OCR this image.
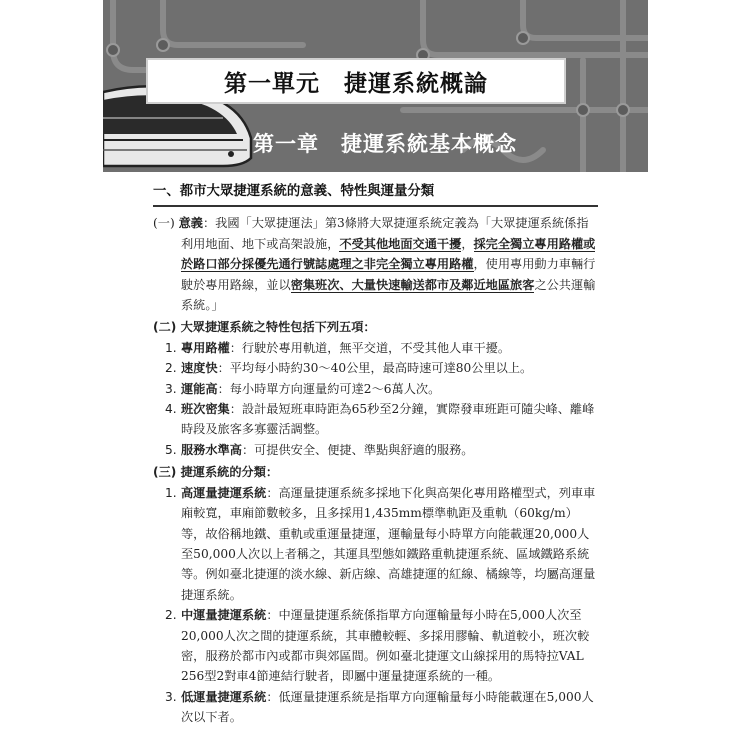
第一單元　捷運系統概論
第一章　捷運系統基本概念
一、都市大眾捷運系統的意義、特性與運量分類
(一) 意義：我國「大眾捷運法」第3條將大眾捷運系統定義為「大眾捷運系統係指利用地面、地下或高架設施，不受其他地面交通干擾，採完全獨立專用路權或於路口部分採優先通行號誌處理之非完全獨立專用路權，使用專用動力車輛行駛於專用路線，並以密集班次、大量快速輸送都市及鄰近地區旅客之公共運輸系統。」
(二) 大眾捷運系統之特性包括下列五項：
1. 專用路權：行駛於專用軌道，無平交道，不受其他人車干擾。
2. 速度快：平均每小時約30～40公里，最高時速可達80公里以上。
3. 運能高：每小時單方向運量約可達2～6萬人次。
4. 班次密集：設計最短班車時距為65秒至2分鐘，實際發車班距可隨尖峰、離峰時段及旅客多寡靈活調整。
5. 服務水準高：可提供安全、便捷、準點與舒適的服務。
(三) 捷運系統的分類：
1. 高運量捷運系統：高運量捷運系統多採地下化與高架化專用路權型式，列車車廂較寬，車廂節數較多，且多採用1,435mm標準軌距及重軌（60kg/m）等，故俗稱地鐵、重軌或重運量捷運，運輸量每小時單方向能載運20,000人至50,000人次以上者稱之，其運具型態如鐵路重軌捷運系統、區域鐵路系統等。例如臺北捷運的淡水線、新店線、高雄捷運的紅線、橘線等，均屬高運量捷運系統。
2. 中運量捷運系統：中運量捷運系統係指單方向運輸量每小時在5,000人次至20,000人次之間的捷運系統，其車體較輕、多採用膠輪、軌道較小，班次較密，服務於都市內或都市與郊區間。例如臺北捷運文山線採用的馬特拉VAL 256型2對車4節連結行駛者，即屬中運量捷運系統的一種。
3. 低運量捷運系統：低運量捷運系統是指單方向運輸量每小時能載運在5,000人次以下者。
